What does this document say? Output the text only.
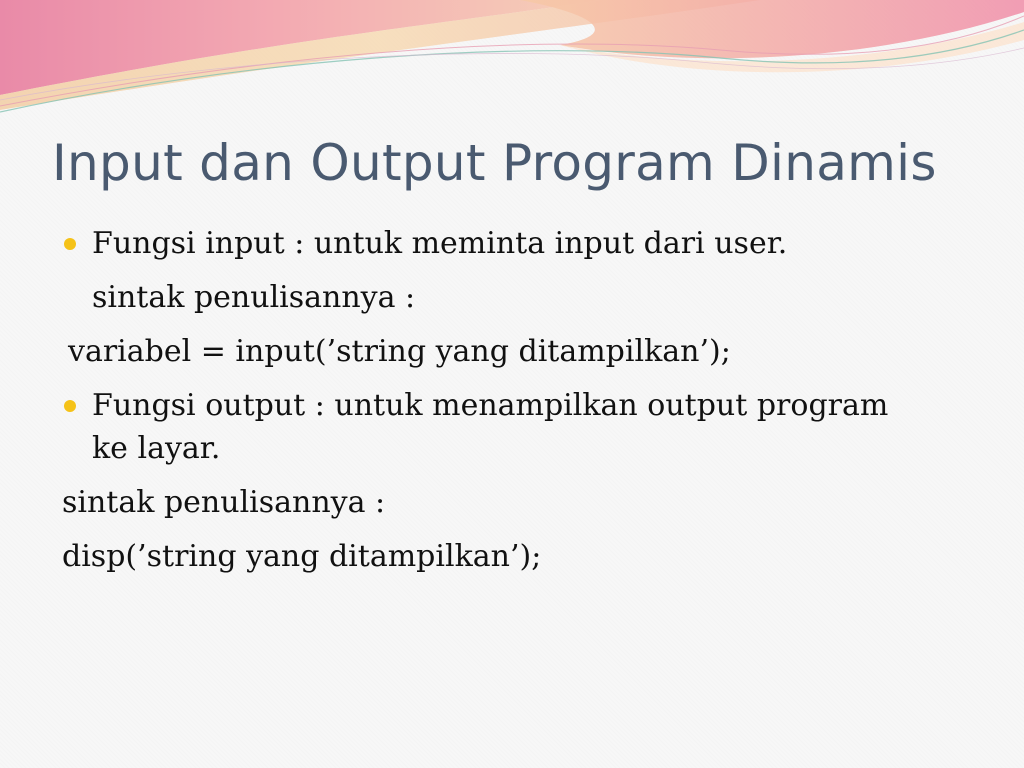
Input dan Output Program Dinamis
Fungsi input : untuk meminta input dari user.
sintak penulisannya :
variabel = input(’string yang ditampilkan’);
Fungsi output : untuk menampilkan output program
ke layar.
sintak penulisannya :
disp(’string yang ditampilkan’);
